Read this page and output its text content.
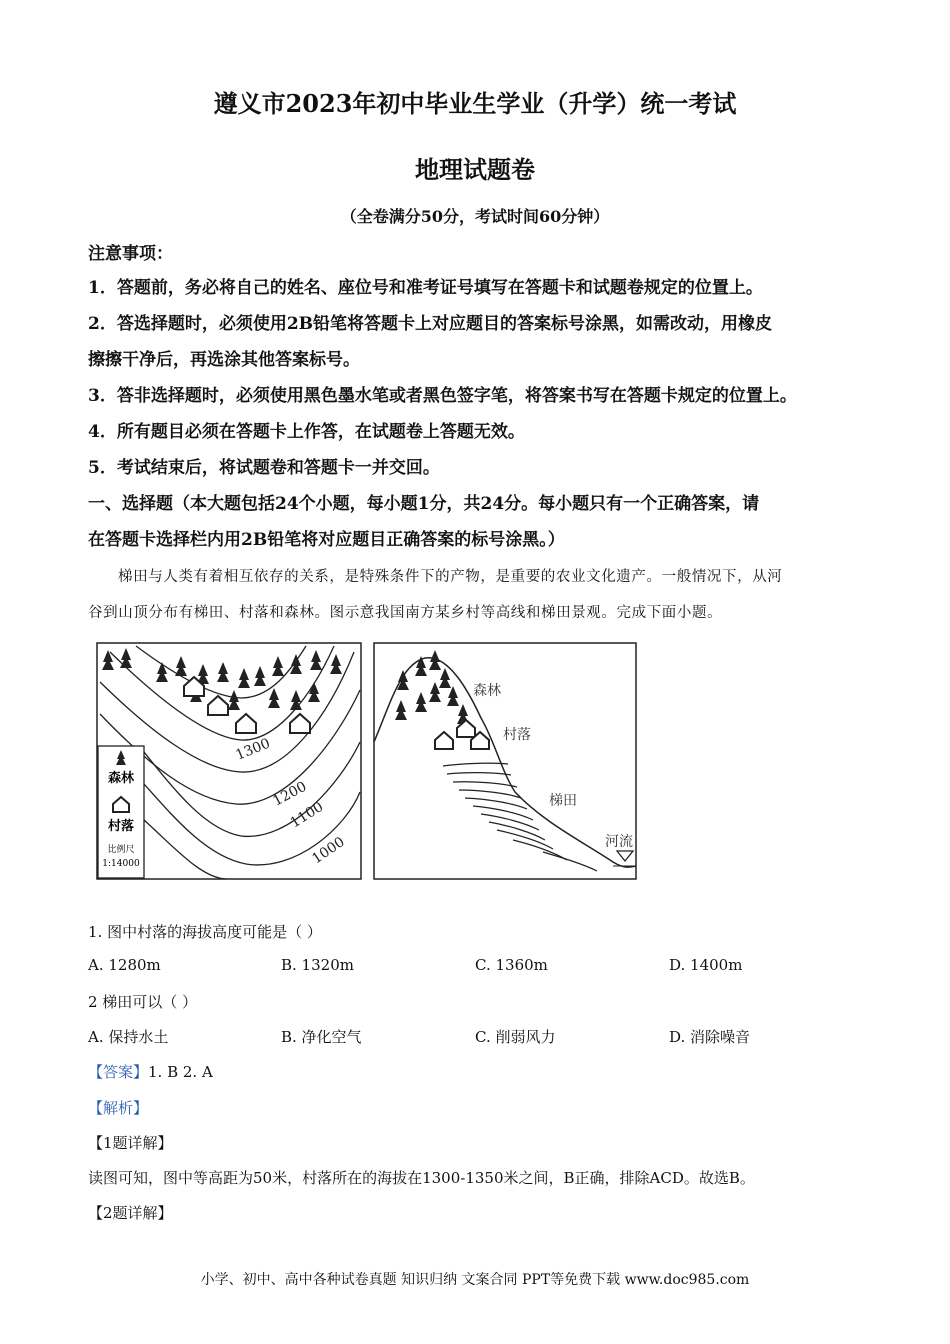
遵义市2023年初中毕业生学业（升学）统一考试
地理试题卷
（全卷满分50分，考试时间60分钟）
注意事项：
1．答题前，务必将自己的姓名、座位号和准考证号填写在答题卡和试题卷规定的位置上。
2．答选择题时，必须使用2B铅笔将答题卡上对应题目的答案标号涂黑，如需改动，用橡皮
擦擦干净后，再选涂其他答案标号。
3．答非选择题时，必须使用黑色墨水笔或者黑色签字笔，将答案书写在答题卡规定的位置上。
4．所有题目必须在答题卡上作答，在试题卷上答题无效。
5．考试结束后，将试题卷和答题卡一并交回。
一、选择题（本大题包括24个小题，每小题1分，共24分。每小题只有一个正确答案，请
在答题卡选择栏内用2B铅笔将对应题目正确答案的标号涂黑。）
梯田与人类有着相互依存的关系，是特殊条件下的产物，是重要的农业文化遗产。一般情况下，从河
谷到山顶分布有梯田、村落和森林。图示意我国南方某乡村等高线和梯田景观。完成下面小题。
1300
1200
1100
1000
森林
村落
比例尺
1:14000
森林
村落
梯田
河流
1. 图中村落的海拔高度可能是（ ）
A. 1280m	B. 1320m	C. 1360m	D. 1400m
2 梯田可以（ ）
A. 保持水土	B. 净化空气	C. 削弱风力	D. 消除噪音
【答案】1. B 2. A
【解析】
【1题详解】
读图可知，图中等高距为50米，村落所在的海拔在1300-1350米之间，B正确，排除ACD。故选B。
【2题详解】
小学、初中、高中各种试卷真题 知识归纳 文案合同 PPT等免费下载 www.doc985.com
